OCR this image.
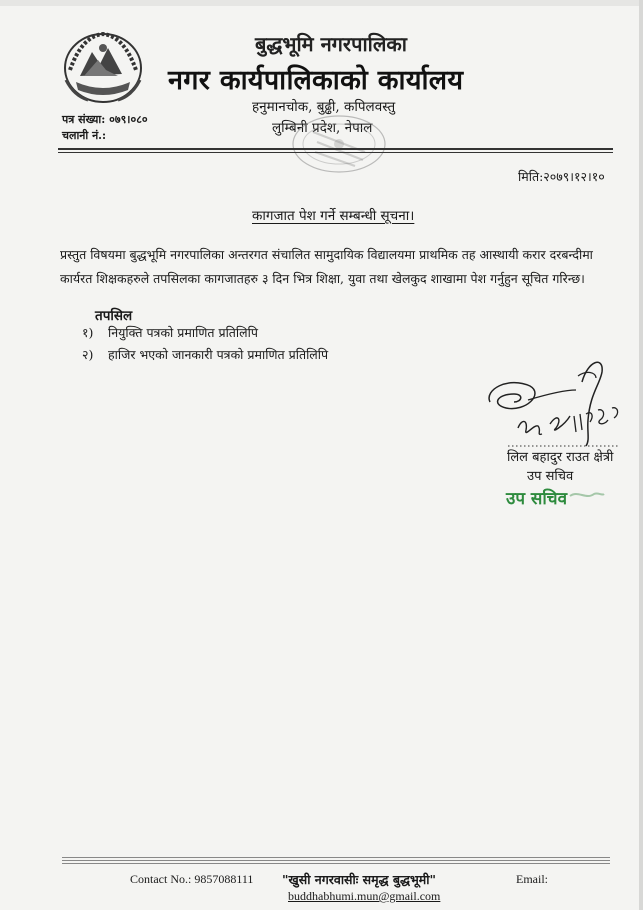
बुद्धभूमि नगरपालिका
नगर कार्यपालिकाको कार्यालय
हनुमानचोक, बुढ्ढी, कपिलवस्तु
लुम्बिनी प्रदेश, नेपाल
पत्र संख्या: ०७९।०८०
चलानी नं.:
मिति:२०७९।१२।१०
कागजात पेश गर्ने सम्बन्धी सूचना।
प्रस्तुत विषयमा बुद्धभूमि नगरपालिका अन्तरगत संचालित सामुदायिक विद्यालयमा प्राथमिक तह आस्थायी करार दरबन्दीमा कार्यरत शिक्षकहरुले तपसिलका कागजातहरु ३ दिन भित्र शिक्षा, युवा तथा खेलकुद शाखामा पेश गर्नुहुन सूचित गरिन्छ।
तपसिल
१) नियुक्ति पत्रको प्रमाणित प्रतिलिपि
२) हाजिर भएको जानकारी पत्रको प्रमाणित प्रतिलिपि
लिल बहादुर राउत क्षेत्री
उप सचिव
उप सचिव
Contact No.: 9857088111 "खुसी नगरवासीः समृद्ध बुद्धभूमी"	Email:
buddhabhumi.mun@gmail.com
